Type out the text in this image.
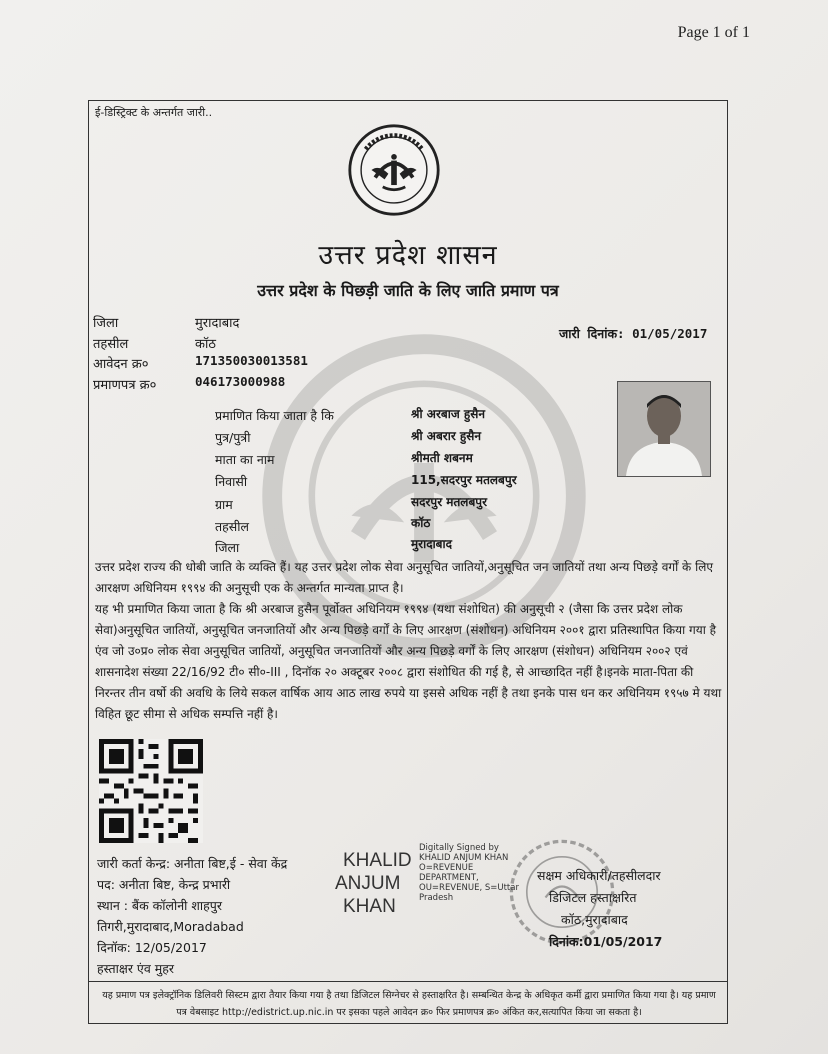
Page 1 of 1
ई-डिस्ट्रिक्ट के अन्तर्गत जारी..
उत्तर प्रदेश शासन
उत्तर प्रदेश के पिछड़ी जाति के लिए जाति प्रमाण पत्र
जिला	मुरादाबाद
तहसील	कॉठ
आवेदन क्र०	171350030013581
प्रमाणपत्र क्र०	046173000988
जारी दिनांक: 01/05/2017
प्रमाणित किया जाता है कि	श्री अरबाज हुसैन
पुत्र/पुत्री	श्री अबरार हुसैन
माता का नाम	श्रीमती शबनम
निवासी	115,सदरपुर मतलबपुर
ग्राम	सदरपुर मतलबपुर
तहसील	कॉठ
जिला	मुरादाबाद
उत्तर प्रदेश राज्य की धोबी जाति के व्यक्ति हैं। यह उत्तर प्रदेश लोक सेवा अनुसूचित जातियों,अनुसूचित जन जातियों तथा अन्य पिछड़े वर्गों के लिए आरक्षण अधिनियम १९९४ की अनुसूची एक के अन्तर्गत मान्यता प्राप्त है।
यह भी प्रमाणित किया जाता है कि श्री अरबाज हुसैन पूर्वोक्त अधिनियम १९९४ (यथा संशोधित) की अनुसूची २ (जैसा कि उत्तर प्रदेश लोक सेवा)अनुसूचित जातियों, अनुसूचित जनजातियों और अन्य पिछड़े वर्गों के लिए आरक्षण (संशोधन) अधिनियम २००१ द्वारा प्रतिस्थापित किया गया है एंव जो उ०प्र० लोक सेवा अनुसूचित जातियों, अनुसूचित जनजातियों और अन्य पिछड़े वर्गों के लिए आरक्षण (संशोधन) अधिनियम २००२ एवं शासनादेश संख्या 22/16/92 टी० सी०-III , दिनॉक २० अक्टूबर २००८ द्वारा संशोधित की गई है, से आच्छादित नहीं है।इनके माता-पिता की निरन्तर तीन वर्षो की अवधि के लिये सकल वार्षिक आय आठ लाख रुपये या इससे अधिक नहीं है तथा इनके पास धन कर अधिनियम १९५७ मे यथा विहित छूट सीमा से अधिक सम्पत्ति नहीं है।
जारी कर्ता केन्द्र: अनीता बिष्ट,ई - सेवा केंद्र
पद: अनीता बिष्ट, केन्द्र प्रभारी
स्थान : बैंक कॉलोनी शाहपुर
तिगरी,मुरादाबाद,Moradabad
दिनॉक: 12/05/2017
हस्ताक्षर एंव मुहर
KHALID
ANJUM
KHAN
Digitally Signed by
KHALID ANJUM KHAN
O=REVENUE
DEPARTMENT,
OU=REVENUE, S=Uttar
Pradesh
सक्षम अधिकारी/तहसीलदार
डिजिटल हस्ताक्षरित
कॉठ,मुरादाबाद
दिनांक:01/05/2017
यह प्रमाण पत्र इलेक्ट्रॉनिक डिलिवरी सिस्टम द्वारा तैयार किया गया है तथा डिजिटल सिग्नेचर से हस्ताक्षरित है। सम्बन्धित केन्द्र के अधिकृत कर्मी द्वारा प्रमाणित किया गया है। यह प्रमाण पत्र वेबसाइट http://edistrict.up.nic.in पर इसका पहले आवेदन क्र० फिर प्रमाणपत्र क्र० अंकित कर,सत्यापित किया जा सकता है।
